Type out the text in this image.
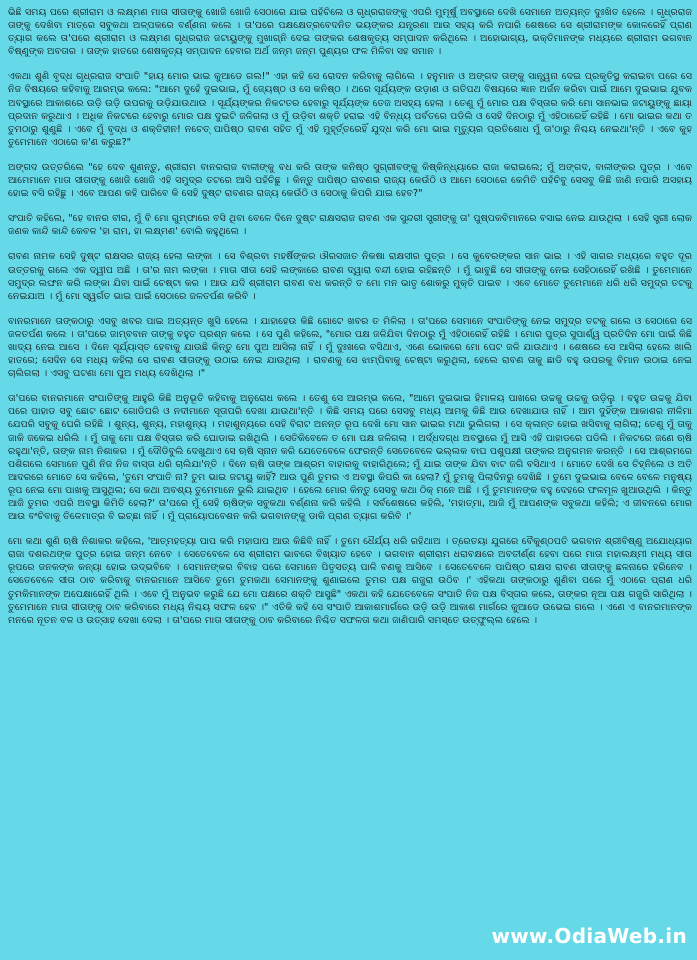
ଭିଛି ସମୟ ପରେ ଶ୍ରୀରାମ ଓ ଲକ୍ଷ୍ମଣ ମାତା ସୀତାଙ୍କୁ ଖୋଜି ଖୋଜି ସେଠାରେ ଯାଇ ପହଁଚିଲେ ଓ ଗୃଧ୍ରରାଜଙ୍କୁ ଏପରି ମୁମୂର୍ଷୁ ଅବସ୍ଥାରେ ଦେଖି ସେମାନେ ଅତ୍ୟନ୍ତ ଦୁଃଖିତ ହେଲେ । ଗୃଧ୍ରରାଜ ତାଙ୍କୁ ଦେଖିବା ମାତ୍ରେ ସବୁକଥା ଅଳ୍ପକରେ ବର୍ଣ୍ଣନା କଲେ । ତା'ପରେ ପକ୍ଷକ୍ଷେତ୍ରବେଦନିତ ଭୟଙ୍କର ଯନ୍ତ୍ରଣା ଆଉ ସହ୍ୟ କରି ନପାରି ଶେଷରେ ସେ ଶ୍ରୀରାମଙ୍କ କୋଳରେହିଁ ପ୍ରାଣ ତ୍ୟାଗ କଲେ ତା'ପରେ ଶ୍ରୀରାମ ଓ ଲକ୍ଷ୍ମଣ ଗୃଧ୍ରରାଜ ଜଟାୟୁଙ୍କୁ ମୁଖାଗ୍ନି ଦେଇ ତାଙ୍କର ଶେଷକୃତ୍ୟ ସମ୍ପାଦନ କରିଥିଲେ । ଅହୋଭାଗ୍ୟ, ଭକ୍ତିମାନଙ୍କ ମଧ୍ୟରେ ଶ୍ରୀରାମ ଭଗବାନ ବିଷ୍ଣୁଙ୍କ ଅବତାର । ତାଙ୍କ ହାତରେ ଶେଷକୃତ୍ୟ ସମ୍ପାଦନ ହେବାର ଅର୍ଥ ଜନ୍ମ ଜନ୍ମ ପୁଣ୍ୟର ଫଳ ମିଳିବା ସହ ସମାନ ।

ଏକଥା ଶୁଣି ବୃଦ୍ଧ ଗୃଧ୍ରରାଜ ସଂପାତି "ହାୟ ମୋର ଭାଇ କୁଆଡେ ଗଲ!" ଏହା କହି ସେ ରୋଦନ କରିବାକୁ ଲାଗିଲେ । ହନୁମାନ ଓ ଅଙ୍ଗଦ ତାଙ୍କୁ ସାନ୍ତ୍ୱନା ଦେଇ ପ୍ରକୃତିସ୍ଥ କରାଇବା ପରେ ସେ ନିଜ ବିଷୟରେ କହିବାକୁ ଆରମ୍ଭ କଲେ: "ଆମେ ଦୁହେଁ ଦୁଇଭାଇ, ମୁଁ ଜ୍ୟେଷ୍ଠ ଓ ସେ କନିଷ୍ଠ । ଥରେ ସୂର୍ଯ୍ୟଙ୍କ ଉଡ଼ାଣ ଓ ଗତିପଥ ବିଷୟରେ ଜ୍ଞାନ ଅର୍ଜନ କରିବା ପାଇଁ ଆମେ ଦୁଇଭାଇ ଯୁବକ ଅବସ୍ଥାରେ ଆକାଶରେ ଉଡ଼ି ଉଡ଼ି ଉପରକୁ ଉଡ଼ିଯାଉଥାଉ । ସୂର୍ଯ୍ୟଙ୍କର ନିକଟତର ହେବାରୁ ସୂର୍ଯ୍ୟଙ୍କ ତେଜ ଅସହ୍ୟ ହେଲା । ତେଣୁ ମୁଁ ମୋର ପକ୍ଷ ବିସ୍ତାର କରି ମୋ ସାନଭାଇ ଜଟାୟୁଙ୍କୁ ଛାୟା ପ୍ରଦାନ କରୁଥାଏ । ଅଧିକ ନିକଟରେ ହେବାରୁ ମୋର ପକ୍ଷ ଦୁଇଟି ଜଳିଗଲା ଓ ମୁଁ ଉଡ଼ିବା ଶକ୍ତି ହରାଇ ଏହି ବିନ୍ଧ୍ୟ ପର୍ବତରେ ପଡିଲି ଓ ସେହି ଦିନଠାରୁ ମୁଁ ଏହିଠାରେହିଁ ରହିଛି । ମୋ ଭାଇର କଥା ତ ତୁମଠାରୁ ଶୁଣୁଛି । ଏବେ ମୁଁ ବୃଦ୍ଧ ଓ ଶକ୍ତିହୀନ! ନଚେତ୍ ପାପିଷ୍ଠ ରାବଣ ସହିତ ମୁଁ ଏହି ମୁହୂର୍ତ୍ତରେହିଁ ଯୁଦ୍ଧ କରି ମୋ ଭାଇ ମୃତ୍ୟୁର ପ୍ରତିଶୋଧ ମୁଁ ତା'ଠାରୁ ନିଶ୍ଚୟ ନେଇଥା'ନ୍ତି । ଏବେ କୁହ ତୁମେମାନେ ଏଠାରେ କ'ଣ କରୁଛ?"

ଅଙ୍ଗଦ ଉତ୍ତରିଲେ "ହେ ଦେବ ଶୁଣନ୍ତୁ, ଶ୍ରୀରାମ ବାନରରାଜ ବାଳୀଙ୍କୁ ବଧ କରି ତାଙ୍କ କନିଷ୍ଠ ସୁଗ୍ରୀବଙ୍କୁ କିଷ୍କିନ୍ଧ୍ୟାରେ ରାଜା କରାଇଲେ; ମୁଁ ଅଙ୍ଗଦ, ବାଳୀଙ୍କର ପୁତ୍ର । ଏବେ ଆମେମାନେ ମାତା ସୀତାଙ୍କୁ ଖୋଜି ଖୋଜି ଏହି ସମୁଦ୍ର ତଟରେ ଆସି ପହଁଚିଛୁ । କିନ୍ତୁ ପାପିଷ୍ଠ ରାବଣର ରାଜ୍ୟ କେଉଁଠି ଓ ଆମେ ସେଠାରେ କେମିତି ପହଁଚିବୁ ସେସବୁ କିଛି ଜାଣି ନପାରି ଅସହାୟ ହୋଇ ବସି ରହିଛୁ । ଏବେ ଆପଣ କହି ପାରିବେ କି ସେହି ଦୁଷ୍ଟ ରାବଣର ରାଜ୍ୟ କେଉଁଠି ଓ ସେଠାକୁ କିପରି ଯାଇ ହେବ?"

ସଂପାତି କହିଲେ, "ହେ ବାନର ବୀର, ମୁଁ ବି ମୋ ଗୁମ୍ଫାରେ ବସି ଥିବା ବେଳେ ଦିନେ ଦୁଷ୍ଟ ରାକ୍ଷସରାଜ ରାବଣ ଏକ ସୁନ୍ଦରୀ ସ୍ତ୍ରୀଙ୍କୁ ତା' ପୁଷ୍ପକବିମାନରେ ବସାଇ ନେଇ ଯାଉଥିଲା । ସେହି ସ୍ତ୍ରୀ ଲୋକ ଜଣକ କାନ୍ଦି କାନ୍ଦି କେବଳ 'ହା ରାମ, ହା ଲକ୍ଷ୍ମଣ' ବୋଲି କହୁଥିଲେ ।

ରାବଣ ନାମକ ସେହି ଦୁଷ୍ଟ ରାକ୍ଷସର ରାଜ୍ୟ ହେଲା ଲଙ୍କା । ସେ ବିଶ୍ରବା ମହର୍ଷିଙ୍କର ଔରସଜାତ ନିକଷା ରାକ୍ଷସୀର ପୁତ୍ର । ସେ କୁବେରଙ୍କର ସାନ ଭାଇ । ଏହି ସାଗର ମଧ୍ୟରେ ବହୁତ ଦୂର ଉତ୍ତରକୁ ଗଲେ ଏକ ଦ୍ୱୀପ ଅଛି । ତା'ର ନାମ ଲଙ୍କା । ମାତା ସୀତା ସେହି ଲଙ୍କାରେ ରାବଣ ଦ୍ୱାରା ବନ୍ଦୀ ହୋଇ ରହିଛନ୍ତି । ମୁଁ ଭାବୁଛି ସେ ସୀତାଙ୍କୁ ନେଇ ସେହିଠାରେହିଁ ରଖିଛି । ତୁମେମାନେ ସମୁଦ୍ର ଲଙ୍ଘନ କରି ଲଙ୍କା ଯିବା ପାଇଁ ଚେଷ୍ଟା କର । ଆଉ ଯଦି ଶ୍ରୀରାମ ରାବଣ ବଧ କରନ୍ତି ତ ମୋ ମନ ଭାତୃ ଶୋକରୁ ମୁକ୍ତି ପାଇବ । ଏବେ ମୋତେ ତୁମେମାନେ ଧରି ଧରି ସମୁଦ୍ର ତଟକୁ ନେଇଯାଅ । ମୁଁ ମୋ ସ୍ୱର୍ଗତ ଭାଇ ପାଇଁ ସେଠାରେ ଜଳତର୍ପଣ କରିବି ।

ବାନରମାନେ ତାଙ୍କଠାରୁ ଏସବୁ ଖବର ପାଇ ଅତ୍ୟନ୍ତ ଖୁସି ହେଲେ । ଯାହାହେଉ କିଛି ଗୋଟେ ଖବର ତ ମିଳିଲା । ତା'ପରେ ସେମାନେ ସଂପାତିଙ୍କୁ ନେଇ ସମୁଦ୍ର ତଟକୁ ଗଲେ ଓ ସେଠାରେ ସେ ଜଳତର୍ପଣ କଲେ । ତା'ପରେ ଜାମ୍ବବାନ ତାଙ୍କୁ ବହୁତ ପ୍ରଶ୍ନ କଲେ । ସେ ପୁଣି କହିଲେ, "ମୋର ପକ୍ଷ ଜଳିଯିବା ଦିନଠାରୁ ମୁଁ ଏହିଠାରେହିଁ ରହିଛି । ମୋର ପୁତ୍ର ସୁପାର୍ଶ୍ୱ ପ୍ରତିଦିନ ମୋ ପାଇଁ କିଛି ଖାଦ୍ୟ ନେଇ ଆସେ । ଦିନେ ସୂର୍ଯ୍ୟାସ୍ତ ହେବାକୁ ଯାଉଛି କିନ୍ତୁ ମୋ ପୁଅ ଆସିଲା ନାହିଁ । ମୁଁ ଦୁଃଖରେ ବସିଥାଏ, ଏଣେ ଭୋକରେ ମୋ ପେଟ ଜଳି ଯାଉଥାଏ । ଶେଷରେ ସେ ଆସିଲା ହେଲେ ଖାଲି ହାତରେ; ସେଦିନ ସେ ମଧ୍ୟ କହିଲା ସେ ରାବଣ ସୀତାଙ୍କୁ ଉଠାଇ ନେଇ ଯାଉଥିଲା । ରାବଣକୁ ସେ ଝାମ୍ପିବାକୁ ଚେଷ୍ଟା କରୁଥିଲା, ହେଲେ ରାବଣ ତାକୁ ଛାଡି ବହୁ ଉପରକୁ ବିମାନ ଉଠାଇ ନେଇ ଚାଲିଗଲା । ଏସବୁ ଘଟଣା ମୋ ପୁଅ ମଧ୍ୟ ଦେଖିଥିଲା ।"

ତା'ପରେ ବାନରମାନେ ସଂପାତିଙ୍କୁ ଆହୁରି କିଛି ଅନୁଭୂତି କହିବାକୁ ଅନୁରୋଧ କଲେ । ତେଣୁ ସେ ଆରମ୍ଭ କଲେ, "ଆମେ ଦୁଇଭାଇ ହିମାଳୟ ପାଖରେ ଉଚ୍ଚକୁ ଉଚ୍ଚକୁ ଉଡ଼ିଲୁ । ବହୁତ ଉଚ୍ଚକୁ ଯିବା ପରେ ପାହାଡ ସବୁ ଛୋଟ ଛୋଟ ଗୋଡିପରି ଓ ନଦୀମାନେ ସୂତାପରି ଦେଖା ଯାଉଥା'ନ୍ତି । କିଛି ସମୟ ପରେ ସେସବୁ ମଧ୍ୟ ଆମକୁ କିଛି ଆଉ ଦେଖାଯାଉ ନାହିଁ । ଆମ ଦୁହିଁଙ୍କ ଆକାଶର ନୀଳିମା ଯେପରି ସବୁକୁ ଘେରି ରହିଛି । ଶୁନ୍ୟ, ଶୁନ୍ୟ, ମହାଶୁନ୍ୟ । ମହାଶୁନ୍ୟରେ ସେହି ବିରାଟ ଅନନ୍ତ ରୂପ ଦେଖି ମୋ ସାନ ଭାଇର ମଥା ଭୁଲିଗଲା । ସେ କ୍ଳାନ୍ତ ହୋଇ ଖସିବାକୁ ଲାଗିଲା; ତେଣୁ ମୁଁ ତାକୁ ଜାକି ଜକେଇ ଧରିଲି । ମୁଁ ତାକୁ ମୋ ପକ୍ଷ ବିସ୍ତାର କରି ଘୋଡାଇ ରଖିଥିଲି । ସେତିକିବେଳେ ତ ମୋ ପକ୍ଷ ଜଳିଗଲା । ଅର୍ଦ୍ଧଦଗ୍ଧ ଅବସ୍ଥାରେ ମୁଁ ଆସି ଏହି ପାହାଡରେ ପଡିଲି । ନିକଟରେ ଜଣେ ଋଷି ରହୁଥା'ନ୍ତି, ତାଙ୍କ ନାମ ନିଶାକର । ମୁଁ ଦୌଡିବୁଲି ଦେଖୁଥାଏ ସେ ଋଷି ସ୍ନାନ କରି ଯେତେବେଳେ ଫେରନ୍ତି ସେତେବେଳେ ଭଲ୍ଲକ ବାଘ ପଶୁପକ୍ଷୀ ତାଙ୍କର ଅନୁଗମନ କରନ୍ତି । ସେ ଆଶ୍ରମରେ ପଶିଗଲେ ସେମାନେ ପୁଣି ନିଜ ନିଜ ବାସ୍ତା ଧରି ଚାଲିଯା'ନ୍ତି । ଦିନେ ଋଷି ତାଙ୍କ ଆଶ୍ରମ ବାହାରକୁ ବାହାରିଥିଲେ; ମୁଁ ଯାଇ ତାଙ୍କ ଯିବା ବାଟ ଜଗି ବସିଥାଏ । ମୋତେ ଦେଖି ସେ ଚିହ୍ନିଲେ ଓ ଅତି ଆଦରରେ ମୋତେ ସେ କହିଲେ, 'ତୁମେ ସଂପାତି ନା? ତୁମ ଭାଇ ଜଟାୟୁ କାହିଁ? ଆଉ ପୁଣି ତୁମର ଏ ଅବସ୍ଥା କିପରି କା ହେଲା? ମୁଁ ତୁମକୁ ପିଲାଦିନରୁ ଦେଖିଛି । ତୁମେ ଦୁଇଭାଇ ବେଳେ ବେଳେ ମନୁଷ୍ୟ ରୂପ ନେଇ ମୋ ପାଖକୁ ଆସୁଥିଲ; ସେ କଥା ଅବଶ୍ୟ ତୁମେମାନେ ଭୁଲି ଯାଇଥିବ । ହେଲେ ମୋର କିନ୍ତୁ ସେସବୁ କଥା ଠିକ୍ ମନେ ଅଛି । ମୁଁ ତୁମମାନଙ୍କ ବହୁ ଦେହରେ ଫଳମୂଳ ଖୁଆଉଥିଲି । କିନ୍ତୁ ଆଜି ତୁମର ଏପରି ଅବସ୍ଥା କିମିତି ହେଲା?' ତା'ପରେ ମୁଁ ସେହି ଋଷିଙ୍କ ସବୁକଥା ବର୍ଣ୍ଣନା କରି କହିଲି । ସର୍ବଶେଷରେ କହିଲି, 'ମହାତ୍ମା, ଆଜି ମୁଁ ଆପଣଙ୍କ ସବୁକଥା କହିଲି; ଏ ଜୀବନରେ ମୋର ଆଉ ବଂଚିବାକୁ ତିଳେମାତ୍ର ବି ଇଚ୍ଛା ନାହିଁ । ମୁଁ ପ୍ରାୟୋପବେଶନ କରି ଭଗବାନଙ୍କୁ ଡାକି ପ୍ରାଣ ତ୍ୟାଗ କରିବି ।'

ମୋ କଥା ଶୁଣି ଋଷି ନିଶାକର କହିଲେ, 'ଆତ୍ମହତ୍ୟା ପାପ କରି ମହାପାପ ଆଉ କିଛିବି ନାହିଁ । ତୁମେ ଧୈର୍ଯ୍ୟ ଧରି ରହିଥାଅ । ତ୍ରେତୟା ଯୁଗରେ ବୈକୁଣ୍ଠପତି ଭଗବାନ ଶ୍ରୀବିଷ୍ଣୁ ଅଯୋଧ୍ୟାର ରାଜା ଦଶରଥଙ୍କ ପୁତ୍ର ହୋଇ ଜନ୍ମ ନେବେ । ସେତେବେଳେ ସେ ଶ୍ରୀରାମ ଭାବରେ ବିଖ୍ୟାତ ହେବେ । ଭଗବାନ ଶ୍ରୀରାମ ଧରାବକ୍ଷରେ ଅବତୀର୍ଣ୍ଣ ହେବା ପରେ ମାତା ମହାଲକ୍ଷ୍ମୀ ମଧ୍ୟ ସୀତା ରୂପରେ ଜନକଙ୍କ କନ୍ୟା ହୋଇ ଉଦ୍ଭବିବେ । ସେମାନଙ୍କର ବିବାହ ପରେ ସେମାନେ ପିତୃସତ୍ୟ ପାଳି ବଣକୁ ଆସିବେ । ସେତେବେଳେ ପାପିଷ୍ଠ ରାକ୍ଷସ ରାବଣ ସୀତାଙ୍କୁ ଛଳନାରେ ହରିନେବ । ସେତେବେଳେ ସୀତା ଠାବ କରିବାକୁ ବାନରମାନେ ଆସିବେ ତୁମେ ତୁମକଥା ସେମାନଙ୍କୁ ଶୁଣାଇଲେ ତୁମର ପକ୍ଷ ଗଜୁରା ଉଠିବ ।' ଏହିକଥା ତାଙ୍କଠାରୁ ଶୁଣିବା ପରେ ମୁଁ ଏଠାରେ ପ୍ରାଣ ଧରି ତୁମକିମାନଙ୍କ ଅପେକ୍ଷାରେହିଁ ଥିଲି । ଏବେ ମୁଁ ଅନୁଭବ କରୁଛି ଯେ ମୋ ପକ୍ଷରେ ଶକ୍ତି ଆସୁଛି" ଏକଥା କହି ଯେତେବେଳେ ସଂପାତି ନିଜ ପକ୍ଷ ବିସ୍ତାର କଲେ, ତାଙ୍କର ନୂଆ ପକ୍ଷ ଗଜୁରି ସାରିଥିଲା । ତୁମେମାନେ ମାତା ସୀତାଙ୍କୁ ଠାବ କରିବାରେ ମଧ୍ୟ ନିଶ୍ଚୟ ସଫଳ ହେବ ।" ଏତିକି କହି ସେ ସଂପାତି ଆକାଶମାର୍ଗରେ ଉଡ଼ି ଉଡ଼ି ଆକାଶ ମାର୍ଗରେ କୁଆଡେ ଉଭେଇ ଗଲେ । ଏଣେ ଏ ବାନରମାନଙ୍କ ମନରେ ନୂତନ ବଳ ଓ ଉତ୍ସାହ ଦେଖା ଦେଲା । ତା'ପରେ ମାତା ସୀତାଙ୍କୁ ଠାବ କରିବାରେ ନିଶ୍ଚିତ ସଫଳତା କଥା ଜାଣିପାରି ସମସ୍ତେ ଉତ୍ଫୁଲ୍ଲ ହେଲେ ।

www.OdiaWeb.in
